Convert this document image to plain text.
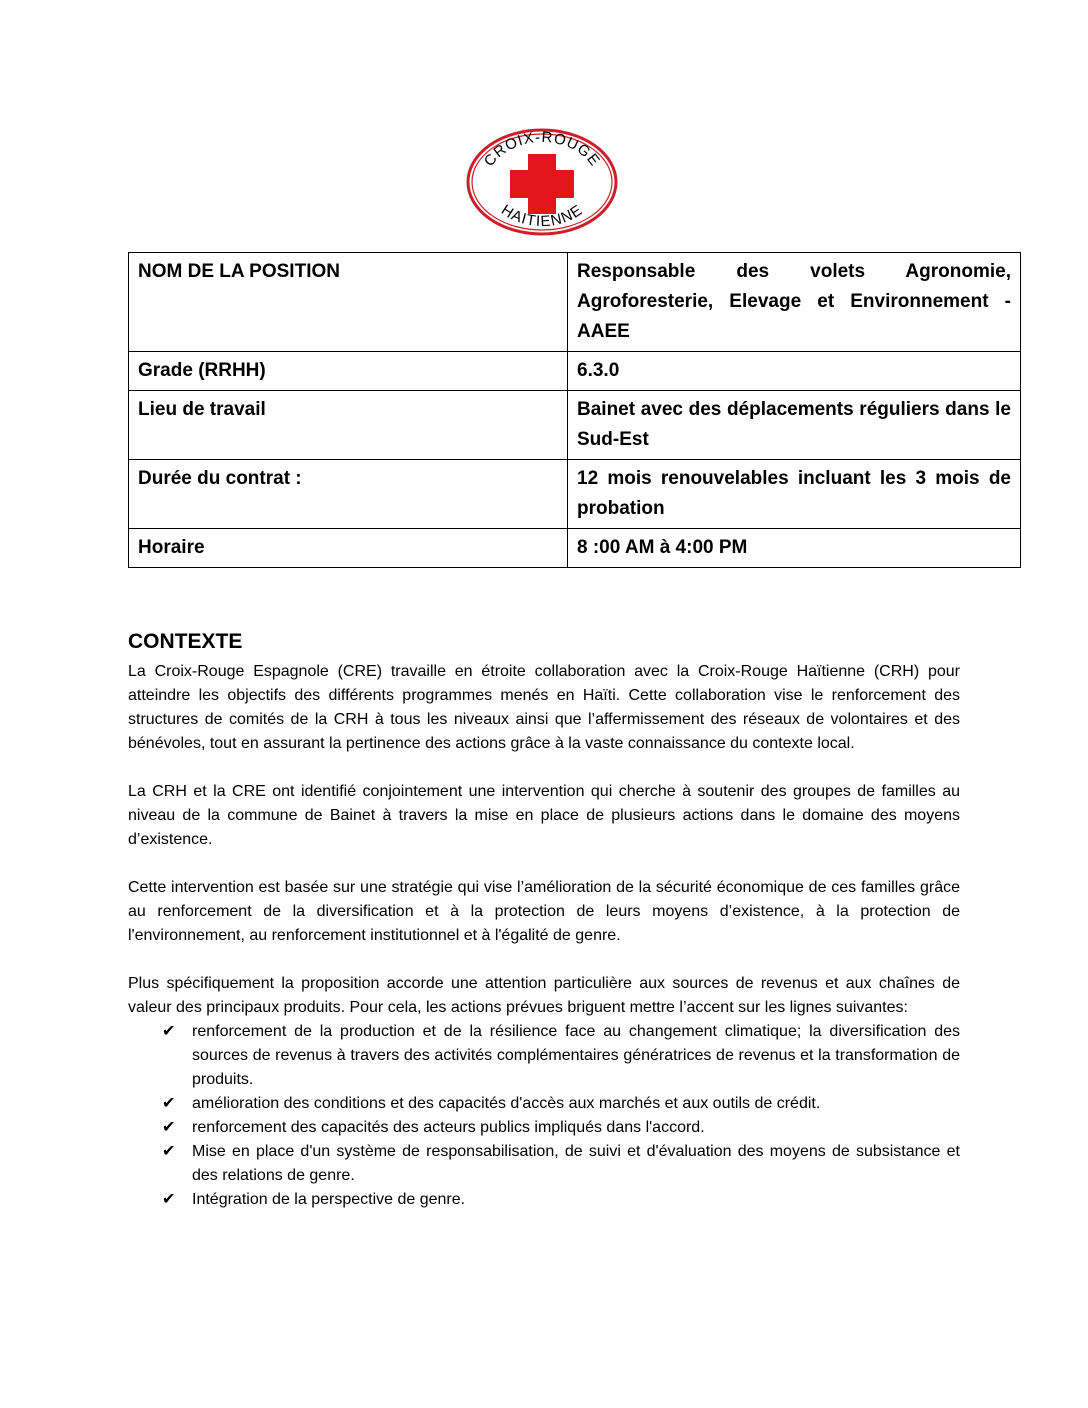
CROIX-ROUGE
HAITIENNE
NOM DE LA POSITION	Responsable des volets Agronomie, Agroforesterie, Elevage et Environnement - AAEE
Grade (RRHH)	6.3.0
Lieu de travail	Bainet avec des déplacements réguliers dans le Sud-Est
Durée du contrat :	12 mois renouvelables incluant les 3 mois de probation
Horaire	8 :00 AM à 4:00 PM
CONTEXTE

La Croix-Rouge Espagnole (CRE) travaille en étroite collaboration avec la Croix-Rouge Haïtienne (CRH) pour atteindre les objectifs des différents programmes menés en Haïti. Cette collaboration vise le renforcement des structures de comités de la CRH à tous les niveaux ainsi que l’affermissement des réseaux de volontaires et des bénévoles, tout en assurant la pertinence des actions grâce à la vaste connaissance du contexte local.

La CRH et la CRE ont identifié conjointement une intervention qui cherche à soutenir des groupes de familles au niveau de la commune de Bainet à travers la mise en place de plusieurs actions dans le domaine des moyens d’existence.

Cette intervention est basée sur une stratégie qui vise l’amélioration de la sécurité économique de ces familles grâce au renforcement de la diversification et à la protection de leurs moyens d’existence, à la protection de l'environnement, au renforcement institutionnel et à l'égalité de genre.

Plus spécifiquement la proposition accorde une attention particulière aux sources de revenus et aux chaînes de valeur des principaux produits. Pour cela, les actions prévues briguent mettre l’accent sur les lignes suivantes:

✔ renforcement de la production et de la résilience face au changement climatique; la diversification des sources de revenus à travers des activités complémentaires génératrices de revenus et la transformation de produits.
✔ amélioration des conditions et des capacités d'accès aux marchés et aux outils de crédit.
✔ renforcement des capacités des acteurs publics impliqués dans l'accord.
✔ Mise en place d'un système de responsabilisation, de suivi et d'évaluation des moyens de subsistance et des relations de genre.
✔ Intégration de la perspective de genre.
